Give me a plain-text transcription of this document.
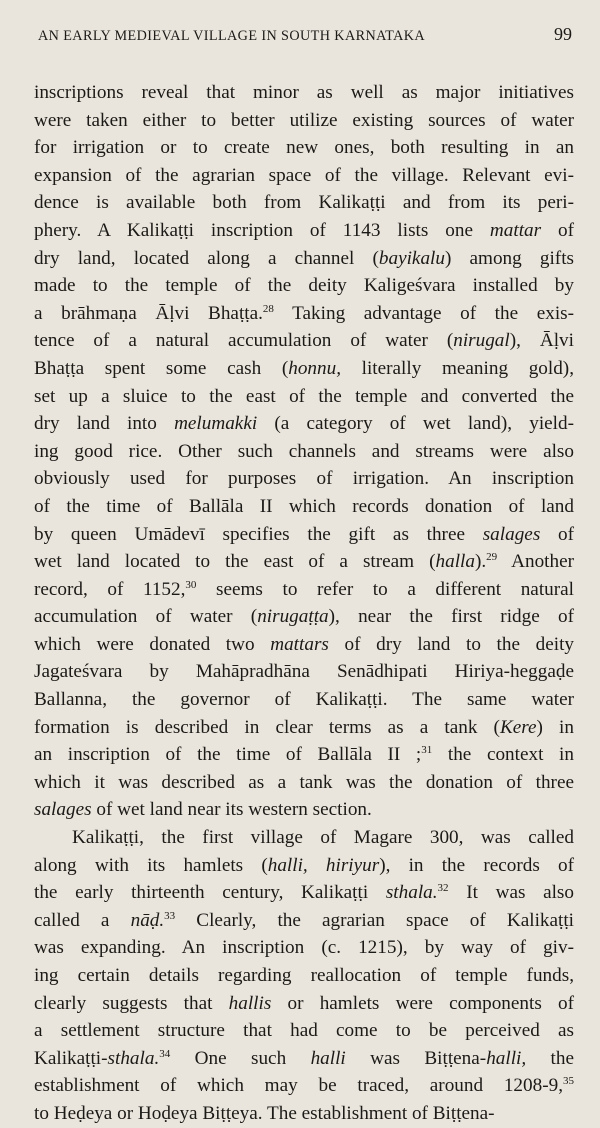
AN EARLY MEDIEVAL VILLAGE IN SOUTH KARNATAKA	99
inscriptions reveal that minor as well as major initiatives
were taken either to better utilize existing sources of water
for irrigation or to create new ones, both resulting in an
expansion of the agrarian space of the village. Relevant evi-
dence is available both from Kalikaṭṭi and from its peri-
phery. A Kalikaṭṭi inscription of 1143 lists one mattar of
dry land, located along a channel (bayikalu) among gifts
made to the temple of the deity Kaligeśvara installed by
a brāhmaṇa Āḷvi Bhaṭṭa.$^{28}$ Taking advantage of the exis-
tence of a natural accumulation of water (nirugal), Āḷvi
Bhaṭṭa spent some cash (honnu, literally meaning gold),
set up a sluice to the east of the temple and converted the
dry land into melumakki (a category of wet land), yield-
ing good rice. Other such channels and streams were also
obviously used for purposes of irrigation. An inscription
of the time of Ballāla II which records donation of land
by queen Umādevī specifies the gift as three salages of
wet land located to the east of a stream (halla).$^{29}$ Another
record, of 1152,30 seems to refer to a different natural
accumulation of water (nirugaṭṭa), near the first ridge of
which were donated two mattars of dry land to the deity
Jagateśvara by Mahāpradhāna Senādhipati Hiriya-heggaḍe
Ballanna, the governor of Kalikaṭṭi. The same water
formation is described in clear terms as a tank (Kere) in
an inscription of the time of Ballāla II ;$^{31}$ the context in
which it was described as a tank was the donation of three
salages of wet land near its western section.
Kalikaṭṭi, the first village of Magare 300, was called
along with its hamlets (halli, hiriyur), in the records of
the early thirteenth century, Kalikaṭṭi sthala.$^{32}$ It was also
called a nāḍ.$^{33}$ Clearly, the agrarian space of Kalikaṭṭi
was expanding. An inscription (c. 1215), by way of giv-
ing certain details regarding reallocation of temple funds,
clearly suggests that hallis or hamlets were components of
a settlement structure that had come to be perceived as
Kalikaṭṭi-sthala.$^{34}$ One such halli was Biṭṭena-halli, the
establishment of which may be traced, around 1208-9,35
to Heḍeya or Hoḍeya Biṭṭeya. The establishment of Biṭṭena-
